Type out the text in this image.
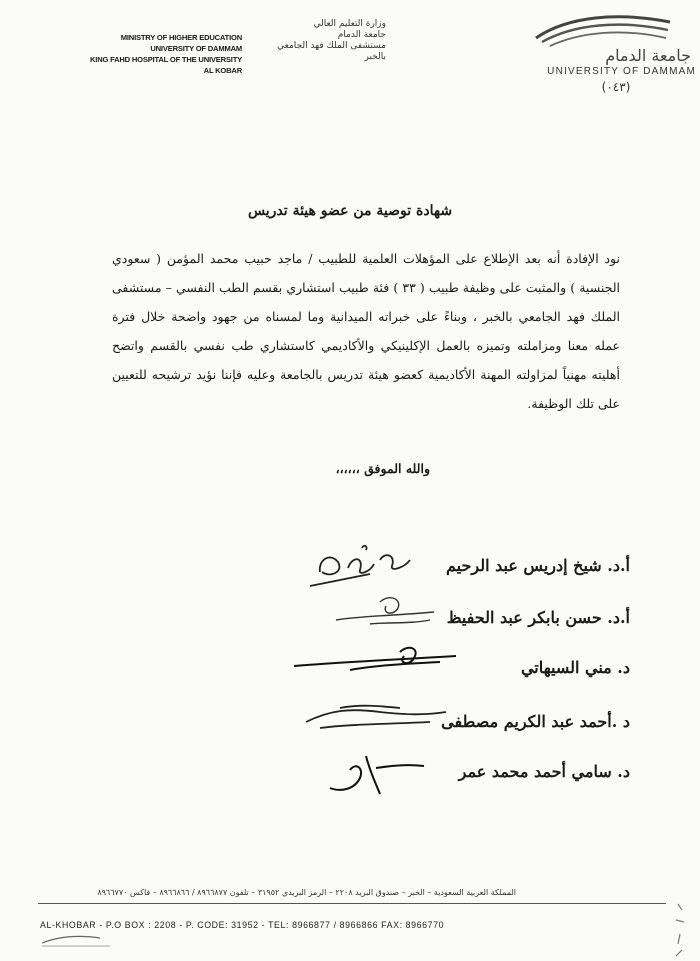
MINISTRY OF HIGHER EDUCATION
UNIVERSITY OF DAMMAM
KING FAHD HOSPITAL OF THE UNIVERSITY
AL KOBAR
وزارة التعليم العالي
جامعة الدمام
مستشفى الملك فهد الجامعي
بالخبر	جامعة الدمام
UNIVERSITY OF DAMMAM
(٠٤٣)
شهادة توصية من عضو هيئة تدريس
نود الإفادة أنه بعد الإطلاع على المؤهلات العلمية للطبيب / ماجد حبيب محمد المؤمن ( سعودي الجنسية ) والمثبت على وظيفة طبيب ( ٣٣ ) فئة طبيب استشاري بقسم الطب النفسي – مستشفى الملك فهد الجامعي بالخبر ، وبناءً على خبراته الميدانية وما لمسناه من جهود واضحة خلال فترة عمله معنا ومزاملته وتميزه بالعمل الإكلينيكي والأكاديمي كاستشاري طب نفسي بالقسم واتضح أهليته مهنياً لمزاولته المهنة الأكاديمية كعضو هيئة تدريس بالجامعة وعليه فإننا نؤيد ترشيحه للتعيين على تلك الوظيفة.
والله الموفق ،،،،،،
أ.د. شيخ إدريس عبد الرحيم
أ.د. حسن بابكر عبد الحفيظ
د. مني السيهاتي
د .أحمد عبد الكريم مصطفى
د. سامي أحمد محمد عمر
المملكة العربية السعودية – الخبر – صندوق البريد ٢٢٠٨ – الرمز البريدي ٣١٩٥٢ – تلفون ٨٩٦٦٨٧٧ / ٨٩٦٦٨٦٦ – فاكس ٨٩٦٦٧٧٠
AL-KHOBAR - P.O BOX : 2208 - P. CODE: 31952 - TEL: 8966877 / 8966866 FAX: 8966770
